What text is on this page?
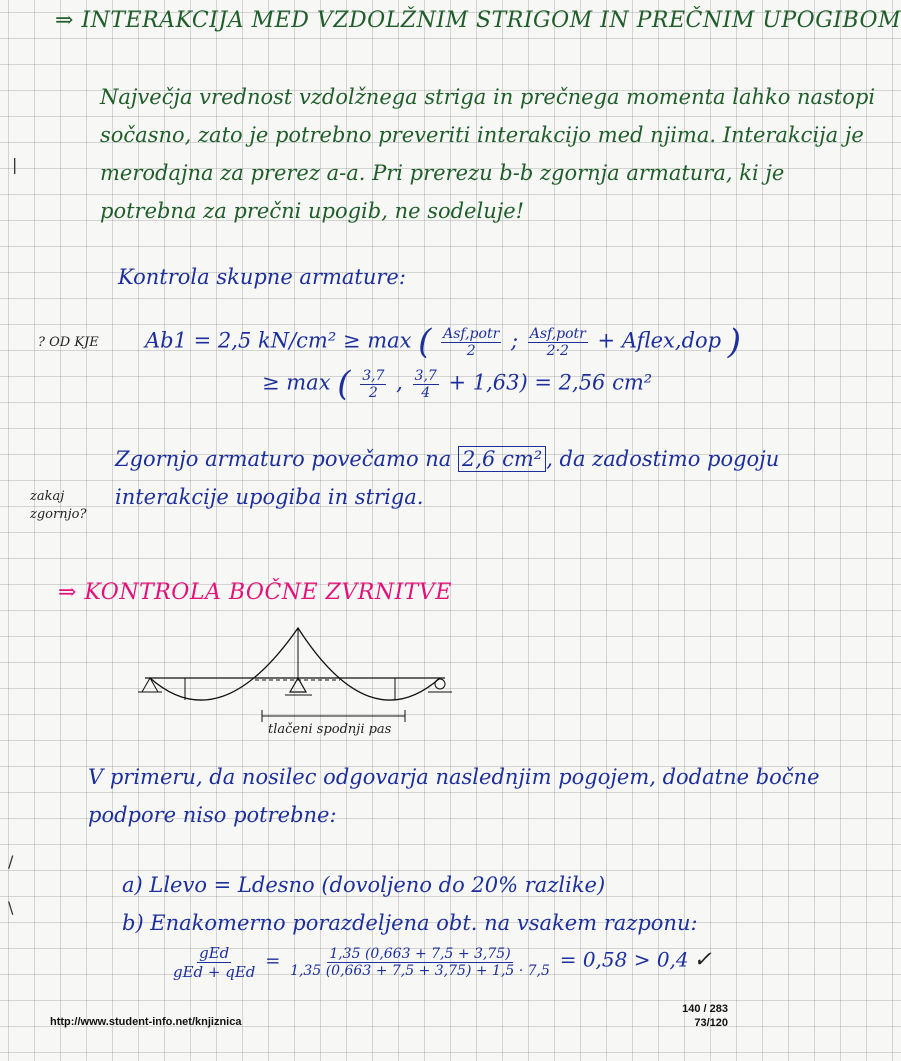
⇒ INTERAKCIJA MED VZDOLŽNIM STRIGOM IN PREČNIM UPOGIBOM
Največja vrednost vzdolžnega striga in prečnega momenta lahko nastopi
sočasno, zato je potrebno preveriti interakcijo med njima. Interakcija je
merodajna za prerez a-a. Pri prerezu b-b zgornja armatura, ki je
potrebna za prečni upogib, ne sodeluje!
|
Kontrola skupne armature:
? OD KJE Ab1 = 2,5 kN/cm² ≥ max ( $\frac{\text{Asf,potr}}{2}$ ; $\frac{\text{Asf,potr}}{2\cdot 2}$ + Aflex,dop )
≥ max ( $\frac{3,7}{2}$ , $\frac{3,7}{4} + 1,63) = 2,56$ cm²
Zgornjo armaturo povečamo na 2,6 cm² , da zadostimo pogoju
interakcije upogiba in striga.
zakaj zgornjo?
⇒ KONTROLA BOČNE ZVRNITVE
tlačeni spodnji pas
V primeru, da nosilec odgovarja naslednjim pogojem, dodatne bočne
podpore niso potrebne:
/
\
a) Llevo = Ldesno (dovoljeno do 20% razlike)
b) Enakomerno porazdeljena obt. na vsakem razponu:
$\frac{\text{gEd}}{\text{gEd + qEd}} = \frac{1,35 (0,663 + 7,5 + 3,75)}{1,35 (0,663 + 7,5 + 3,75) + 1,5 \cdot 7,5} = 0,58 > 0,4$ ✓
http://www.student-info.net/knjiznica
140 / 283
73/120
